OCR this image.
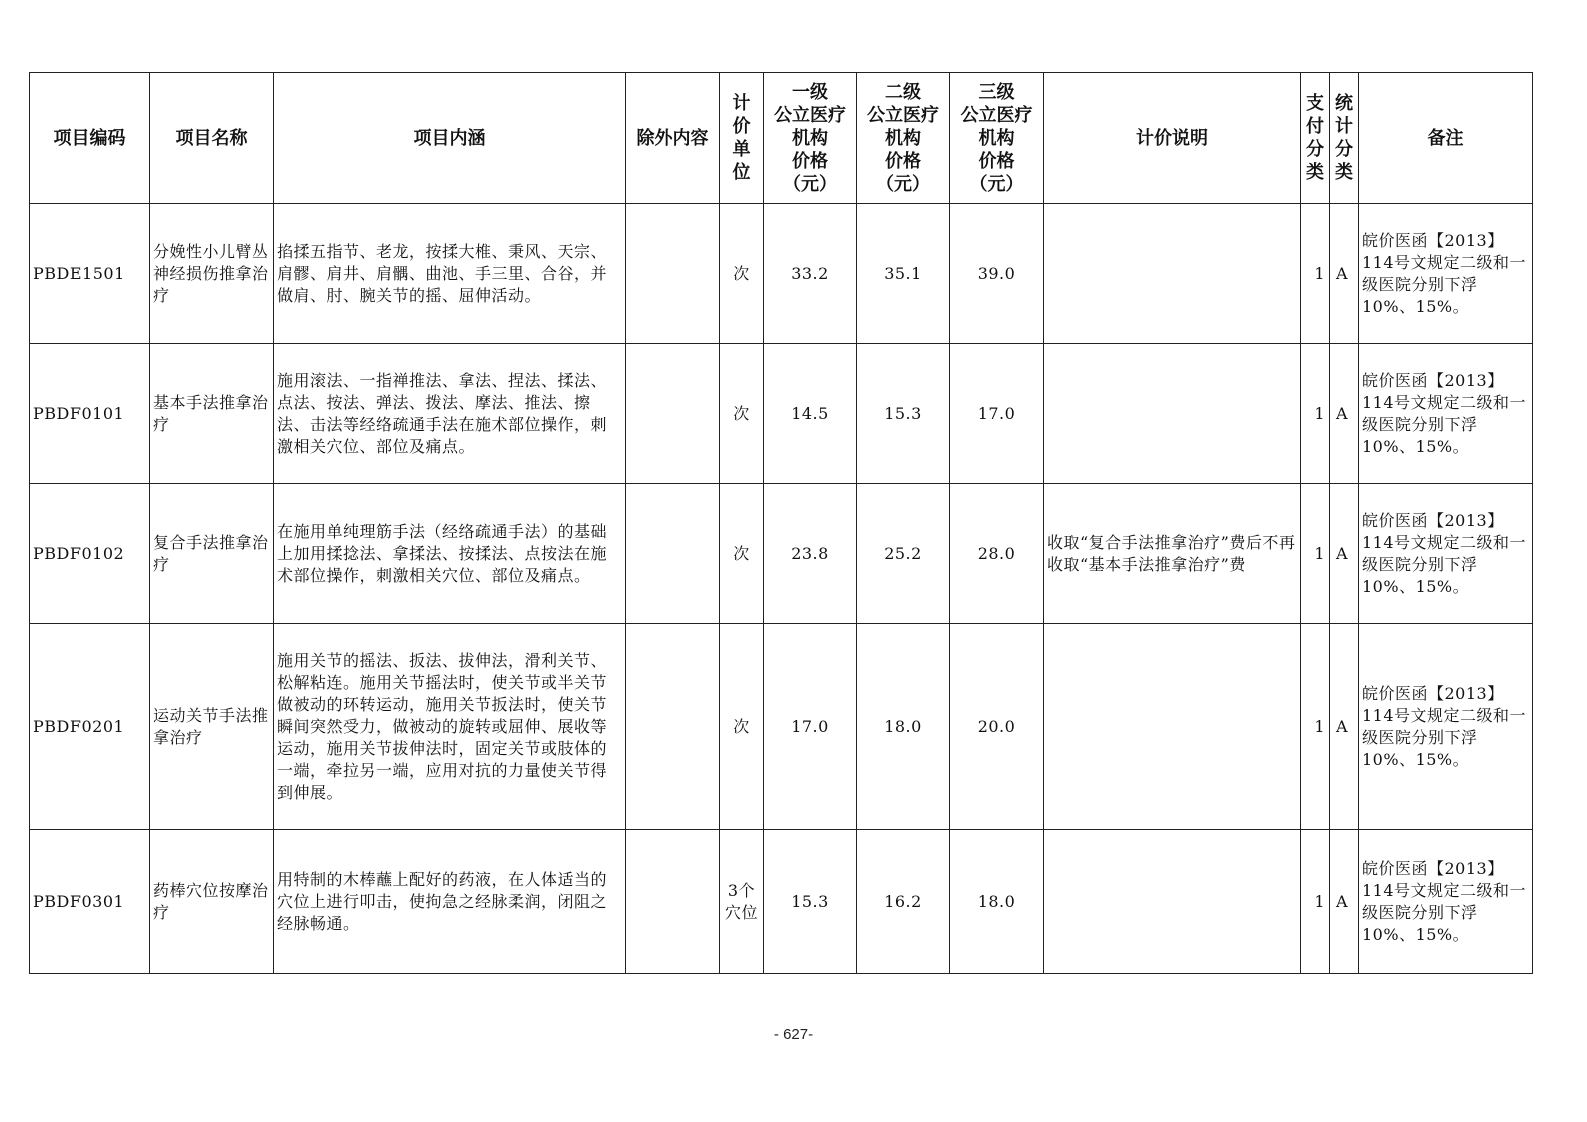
项目编码	项目名称	项目内涵	除外内容	计价单位	一级
公立医疗
机构
价格
（元）	二级
公立医疗
机构
价格
（元）	三级
公立医疗
机构
价格
（元）	计价说明	支付分类	统计分类	备注
PBDE1501	分娩性小儿臂丛神经损伤推拿治疗	掐揉五指节、老龙，按揉大椎、秉风、天宗、肩髎、肩井、肩髃、曲池、手三里、合谷，并做肩、肘、腕关节的摇、屈伸活动。		次	33.2	35.1	39.0		1	A	皖价医函【2013】114号文规定二级和一级医院分别下浮10%、15%。
PBDF0101	基本手法推拿治疗	施用滚法、一指禅推法、拿法、捏法、揉法、点法、按法、弹法、拨法、摩法、推法、擦法、击法等经络疏通手法在施术部位操作，刺激相关穴位、部位及痛点。		次	14.5	15.3	17.0		1	A	皖价医函【2013】114号文规定二级和一级医院分别下浮10%、15%。
PBDF0102	复合手法推拿治疗	在施用单纯理筋手法（经络疏通手法）的基础上加用揉捻法、拿揉法、按揉法、点按法在施术部位操作，刺激相关穴位、部位及痛点。		次	23.8	25.2	28.0	收取“复合手法推拿治疗”费后不再收取“基本手法推拿治疗”费	1	A	皖价医函【2013】114号文规定二级和一级医院分别下浮10%、15%。
PBDF0201	运动关节手法推拿治疗	施用关节的摇法、扳法、拔伸法，滑利关节、松解粘连。施用关节摇法时，使关节或半关节做被动的环转运动，施用关节扳法时，使关节瞬间突然受力，做被动的旋转或屈伸、展收等运动，施用关节拔伸法时，固定关节或肢体的一端，牵拉另一端，应用对抗的力量使关节得到伸展。		次	17.0	18.0	20.0		1	A	皖价医函【2013】114号文规定二级和一级医院分别下浮10%、15%。
PBDF0301	药棒穴位按摩治疗	用特制的木棒蘸上配好的药液，在人体适当的穴位上进行叩击，使拘急之经脉柔润，闭阻之经脉畅通。		3个穴位	15.3	16.2	18.0		1	A	皖价医函【2013】114号文规定二级和一级医院分别下浮10%、15%。
- 627-
